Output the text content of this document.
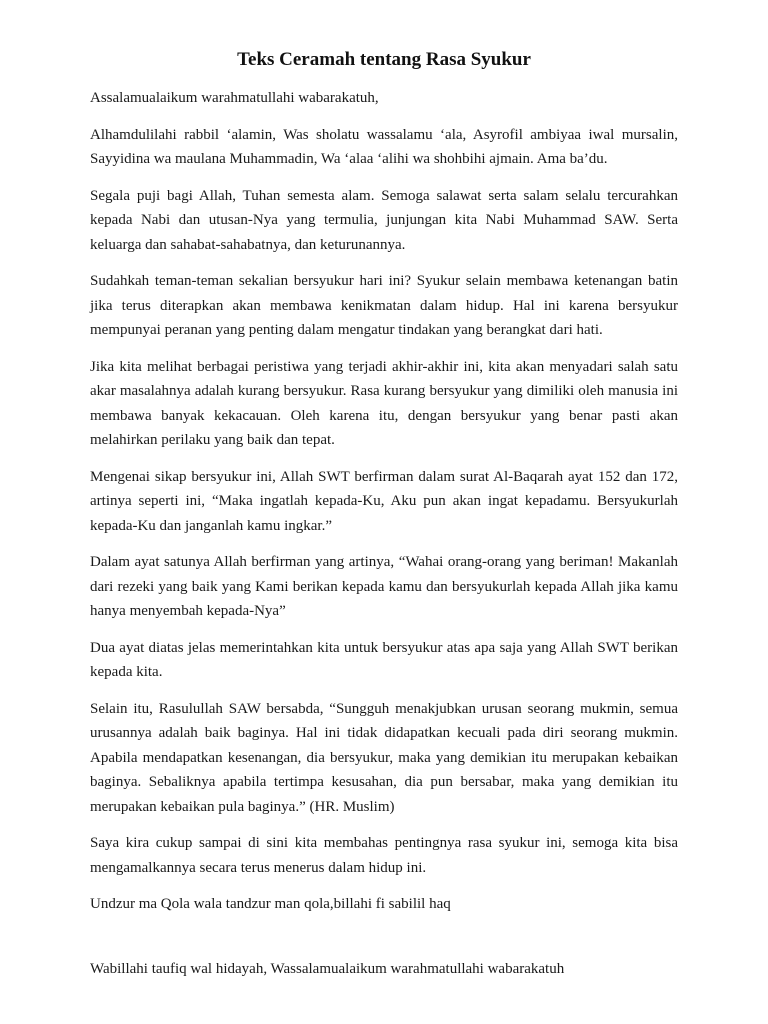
Teks Ceramah tentang Rasa Syukur

Assalamualaikum warahmatullahi wabarakatuh,

Alhamdulilahi rabbil ‘alamin, Was sholatu wassalamu ‘ala, Asyrofil ambiyaa iwal mursalin, Sayyidina wa maulana Muhammadin, Wa ‘alaa ‘alihi wa shohbihi ajmain. Ama ba’du.

Segala puji bagi Allah, Tuhan semesta alam. Semoga salawat serta salam selalu tercurahkan kepada Nabi dan utusan-Nya yang termulia, junjungan kita Nabi Muhammad SAW. Serta keluarga dan sahabat-sahabatnya, dan keturunannya.

Sudahkah teman-teman sekalian bersyukur hari ini? Syukur selain membawa ketenangan batin jika terus diterapkan akan membawa kenikmatan dalam hidup. Hal ini karena bersyukur mempunyai peranan yang penting dalam mengatur tindakan yang berangkat dari hati.

Jika kita melihat berbagai peristiwa yang terjadi akhir-akhir ini, kita akan menyadari salah satu akar masalahnya adalah kurang bersyukur. Rasa kurang bersyukur yang dimiliki oleh manusia ini membawa banyak kekacauan. Oleh karena itu, dengan bersyukur yang benar pasti akan melahirkan perilaku yang baik dan tepat.

Mengenai sikap bersyukur ini, Allah SWT berfirman dalam surat Al-Baqarah ayat 152 dan 172, artinya seperti ini, “Maka ingatlah kepada-Ku, Aku pun akan ingat kepadamu. Bersyukurlah kepada-Ku dan janganlah kamu ingkar.”

Dalam ayat satunya Allah berfirman yang artinya, “Wahai orang-orang yang beriman! Makanlah dari rezeki yang baik yang Kami berikan kepada kamu dan bersyukurlah kepada Allah jika kamu hanya menyembah kepada-Nya”

Dua ayat diatas jelas memerintahkan kita untuk bersyukur atas apa saja yang Allah SWT berikan kepada kita.

Selain itu, Rasulullah SAW bersabda, “Sungguh menakjubkan urusan seorang mukmin, semua urusannya adalah baik baginya. Hal ini tidak didapatkan kecuali pada diri seorang mukmin. Apabila mendapatkan kesenangan, dia bersyukur, maka yang demikian itu merupakan kebaikan baginya. Sebaliknya apabila tertimpa kesusahan, dia pun bersabar, maka yang demikian itu merupakan kebaikan pula baginya.” (HR. Muslim)

Saya kira cukup sampai di sini kita membahas pentingnya rasa syukur ini, semoga kita bisa mengamalkannya secara terus menerus dalam hidup ini.

Undzur ma Qola wala tandzur man qola,billahi fi sabilil haq

Wabillahi taufiq wal hidayah, Wassalamualaikum warahmatullahi wabarakatuh
